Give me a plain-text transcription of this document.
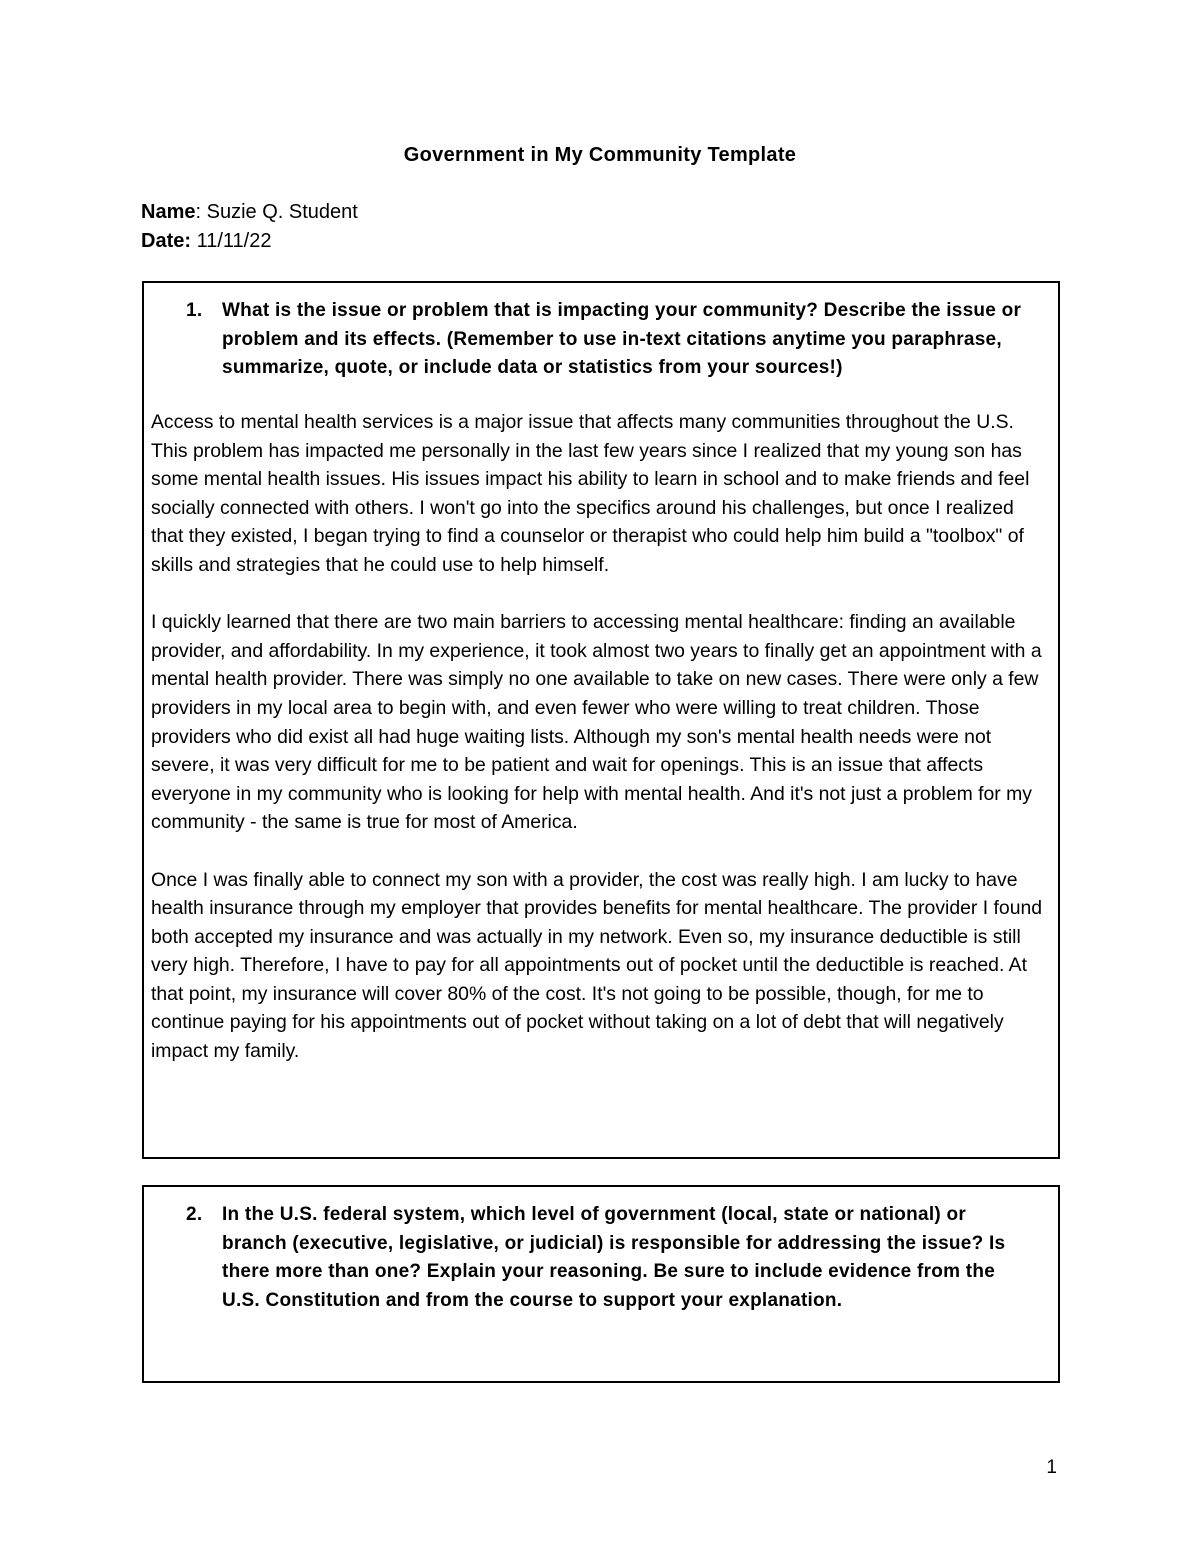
Government in My Community Template
Name: Suzie Q. Student
Date: 11/11/22
1. What is the issue or problem that is impacting your community? Describe the issue or problem and its effects. (Remember to use in-text citations anytime you paraphrase, summarize, quote, or include data or statistics from your sources!)

Access to mental health services is a major issue that affects many communities throughout the U.S. This problem has impacted me personally in the last few years since I realized that my young son has some mental health issues. His issues impact his ability to learn in school and to make friends and feel socially connected with others. I won't go into the specifics around his challenges, but once I realized that they existed, I began trying to find a counselor or therapist who could help him build a "toolbox" of skills and strategies that he could use to help himself.

I quickly learned that there are two main barriers to accessing mental healthcare: finding an available provider, and affordability. In my experience, it took almost two years to finally get an appointment with a mental health provider. There was simply no one available to take on new cases. There were only a few providers in my local area to begin with, and even fewer who were willing to treat children. Those providers who did exist all had huge waiting lists. Although my son's mental health needs were not severe, it was very difficult for me to be patient and wait for openings. This is an issue that affects everyone in my community who is looking for help with mental health. And it's not just a problem for my community - the same is true for most of America.

Once I was finally able to connect my son with a provider, the cost was really high. I am lucky to have health insurance through my employer that provides benefits for mental healthcare. The provider I found both accepted my insurance and was actually in my network. Even so, my insurance deductible is still very high. Therefore, I have to pay for all appointments out of pocket until the deductible is reached. At that point, my insurance will cover 80% of the cost. It's not going to be possible, though, for me to continue paying for his appointments out of pocket without taking on a lot of debt that will negatively impact my family.

2. In the U.S. federal system, which level of government (local, state or national) or branch (executive, legislative, or judicial) is responsible for addressing the issue? Is there more than one? Explain your reasoning. Be sure to include evidence from the U.S. Constitution and from the course to support your explanation.
1
